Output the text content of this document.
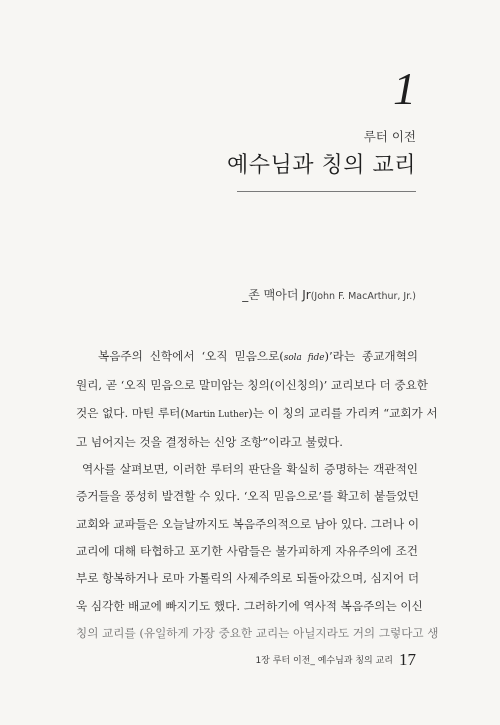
1
루터 이전
예수님과 칭의 교리
_존 맥아더 Jr(John F. MacArthur, Jr.)
복음주의 신학에서 ‘오직 믿음으로(sola fide)’라는 종교개혁의
원리, 곧 ‘오직 믿음으로 말미암는 칭의(이신칭의)’ 교리보다 더 중요한
것은 없다. 마틴 루터(Martin Luther)는 이 칭의 교리를 가리켜 “교회가 서
고 넘어지는 것을 결정하는 신앙 조항”이라고 불렀다.
역사를 살펴보면, 이러한 루터의 판단을 확실히 증명하는 객관적인
증거들을 풍성히 발견할 수 있다. ‘오직 믿음으로’를 확고히 붙들었던
교회와 교파들은 오늘날까지도 복음주의적으로 남아 있다. 그러나 이
교리에 대해 타협하고 포기한 사람들은 불가피하게 자유주의에 조건
부로 항복하거나 로마 가톨릭의 사제주의로 되돌아갔으며, 심지어 더
욱 심각한 배교에 빠지기도 했다. 그러하기에 역사적 복음주의는 이신
칭의 교리를 (유일하게 가장 중요한 교리는 아닐지라도 거의 그렇다고 생
1장 루터 이전_ 예수님과 칭의 교리 17
